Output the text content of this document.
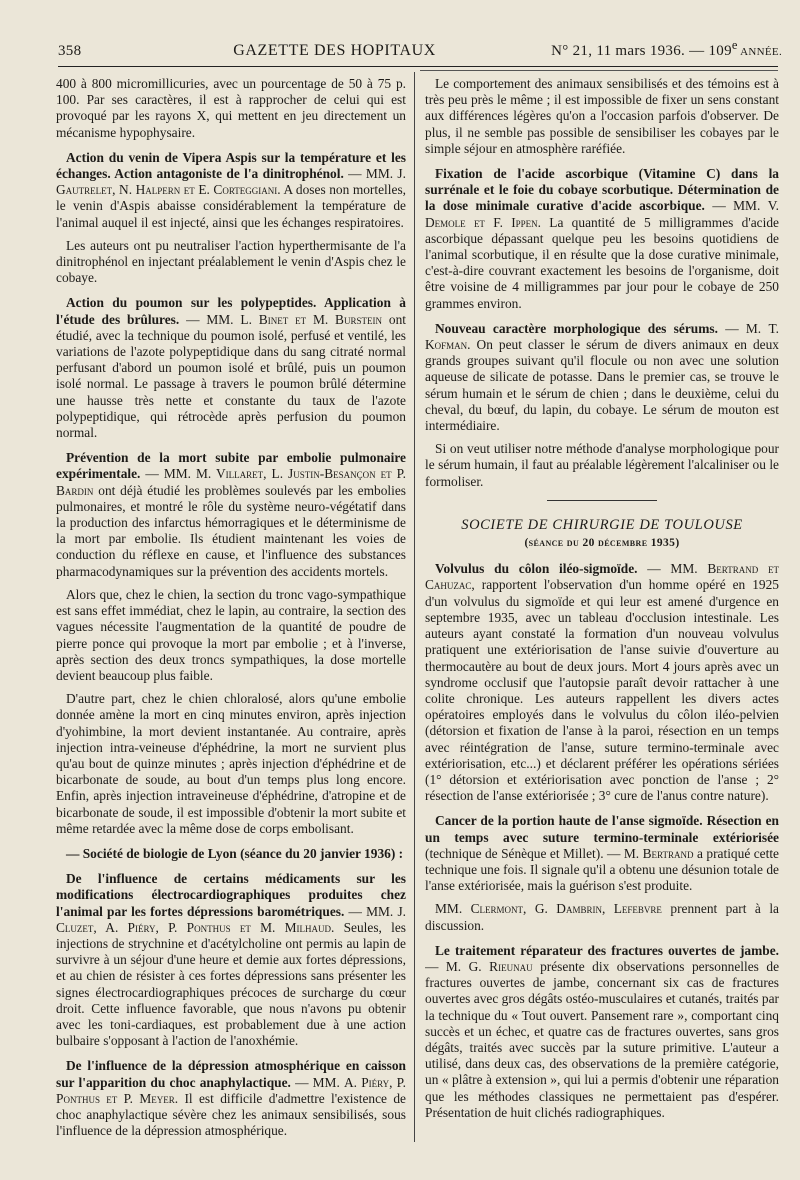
358	GAZETTE DES HOPITAUX	N° 21, 11 mars 1936. — 109e ANNÉE.

400 à 800 micromillicuries, avec un pourcentage de 50 à 75 p. 100. Par ses caractères, il est à rapprocher de celui qui est provoqué par les rayons X, qui mettent en jeu directement un mécanisme hypophysaire.

Action du venin de Vipera Aspis sur la température et les échanges. Action antagoniste de l'a dinitrophénol. — MM. J. Gautrelet, N. Halpern et E. Corteggiani. A doses non mortelles, le venin d'Aspis abaisse considérablement la température de l'animal auquel il est injecté, ainsi que les échanges respiratoires.

Les auteurs ont pu neutraliser l'action hyperthermisante de l'a dinitrophénol en injectant préalablement le venin d'Aspis chez le cobaye.

Action du poumon sur les polypeptides. Application à l'étude des brûlures. — MM. L. Binet et M. Burstein ont étudié, avec la technique du poumon isolé, perfusé et ventilé, les variations de l'azote polypeptidique dans du sang citraté normal perfusant d'abord un poumon isolé et brûlé, puis un poumon isolé normal. Le passage à travers le poumon brûlé détermine une hausse très nette et constante du taux de l'azote polypeptidique, qui rétrocède après perfusion du poumon normal.

Prévention de la mort subite par embolie pulmonaire expérimentale. — MM. M. Villaret, L. Justin-Besançon et P. Bardin ont déjà étudié les problèmes soulevés par les embolies pulmonaires, et montré le rôle du système neuro-végétatif dans la production des infarctus hémorragiques et le déterminisme de la mort par embolie. Ils étudient maintenant les voies de conduction du réflexe en cause, et l'influence des substances pharmacodynamiques sur la prévention des accidents mortels.

Alors que, chez le chien, la section du tronc vago-sympathique est sans effet immédiat, chez le lapin, au contraire, la section des vagues nécessite l'augmentation de la quantité de poudre de pierre ponce qui provoque la mort par embolie ; et à l'inverse, après section des deux troncs sympathiques, la dose mortelle devient beaucoup plus faible.

D'autre part, chez le chien chloralosé, alors qu'une embolie donnée amène la mort en cinq minutes environ, après injection d'yohimbine, la mort devient instantanée. Au contraire, après injection intra-veineuse d'éphédrine, la mort ne survient plus qu'au bout de quinze minutes ; après injection d'éphédrine et de bicarbonate de soude, au bout d'un temps plus long encore. Enfin, après injection intraveineuse d'éphédrine, d'atropine et de bicarbonate de soude, il est impossible d'obtenir la mort subite et même retardée avec la même dose de corps embolisant.

— Société de biologie de Lyon (séance du 20 janvier 1936) :

De l'influence de certains médicaments sur les modifications électrocardiographiques produites chez l'animal par les fortes dépressions barométriques. — MM. J. Cluzet, A. Piéry, P. Ponthus et M. Milhaud. Seules, les injections de strychnine et d'acétylcholine ont permis au lapin de survivre à un séjour d'une heure et demie aux fortes dépressions, et au chien de résister à ces fortes dépressions sans présenter les signes électrocardiographiques précoces de surcharge du cœur droit. Cette influence favorable, que nous n'avons pu obtenir avec les toni-cardiaques, est probablement due à une action bulbaire s'opposant à l'action de l'anoxhémie.

De l'influence de la dépression atmosphérique en caisson sur l'apparition du choc anaphylactique. — MM. A. Piéry, P. Ponthus et P. Meyer. Il est difficile d'admettre l'existence de choc anaphylactique sévère chez les animaux sensibilisés, sous l'influence de la dépression atmosphérique.

Le comportement des animaux sensibilisés et des témoins est à très peu près le même ; il est impossible de fixer un sens constant aux différences légères qu'on a l'occasion parfois d'observer. De plus, il ne semble pas possible de sensibiliser les cobayes par le simple séjour en atmosphère raréfiée.

Fixation de l'acide ascorbique (Vitamine C) dans la surrénale et le foie du cobaye scorbutique. Détermination de la dose minimale curative d'acide ascorbique. — MM. V. Demole et F. Ippen. La quantité de 5 milligrammes d'acide ascorbique dépassant quelque peu les besoins quotidiens de l'animal scorbutique, il en résulte que la dose curative minimale, c'est-à-dire couvrant exactement les besoins de l'organisme, doit être voisine de 4 milligrammes par jour pour le cobaye de 250 grammes environ.

Nouveau caractère morphologique des sérums. — M. T. Kofman. On peut classer le sérum de divers animaux en deux grands groupes suivant qu'il flocule ou non avec une solution aqueuse de silicate de potasse. Dans le premier cas, se trouve le sérum humain et le sérum de chien ; dans le deuxième, celui du cheval, du bœuf, du lapin, du cobaye. Le sérum de mouton est intermédiaire.

Si on veut utiliser notre méthode d'analyse morphologique pour le sérum humain, il faut au préalable légèrement l'alcaliniser ou le formoliser.

SOCIETE DE CHIRURGIE DE TOULOUSE
(séance du 20 décembre 1935)

Volvulus du côlon iléo-sigmoïde. — MM. Bertrand et Cahuzac, rapportent l'observation d'un homme opéré en 1925 d'un volvulus du sigmoïde et qui leur est amené d'urgence en septembre 1935, avec un tableau d'occlusion intestinale. Les auteurs ayant constaté la formation d'un nouveau volvulus pratiquent une extériorisation de l'anse suivie d'ouverture au thermocautère au bout de deux jours. Mort 4 jours après avec un syndrome occlusif que l'autopsie paraît devoir rattacher à une colite chronique. Les auteurs rappellent les divers actes opératoires employés dans le volvulus du côlon iléo-pelvien (détorsion et fixation de l'anse à la paroi, résection en un temps avec réintégration de l'anse, suture termino-terminale avec extériorisation, etc...) et déclarent préférer les opérations sériées (1° détorsion et extériorisation avec ponction de l'anse ; 2° résection de l'anse extériorisée ; 3° cure de l'anus contre nature).

Cancer de la portion haute de l'anse sigmoïde. Résection en un temps avec suture termino-terminale extériorisée (technique de Sénèque et Millet). — M. Bertrand a pratiqué cette technique une fois. Il signale qu'il a obtenu une désunion totale de l'anse extériorisée, mais la guérison s'est produite.

MM. Clermont, G. Dambrin, Lefebvre prennent part à la discussion.

Le traitement réparateur des fractures ouvertes de jambe. — M. G. Rieunau présente dix observations personnelles de fractures ouvertes de jambe, concernant six cas de fractures ouvertes avec gros dégâts ostéo-musculaires et cutanés, traités par la technique du « Tout ouvert. Pansement rare », comportant cinq succès et un échec, et quatre cas de fractures ouvertes, sans gros dégâts, traités avec succès par la suture primitive. L'auteur a utilisé, dans deux cas, des observations de la première catégorie, un « plâtre à extension », qui lui a permis d'obtenir une réparation que les méthodes classiques ne permettaient pas d'espérer. Présentation de huit clichés radiographiques.
